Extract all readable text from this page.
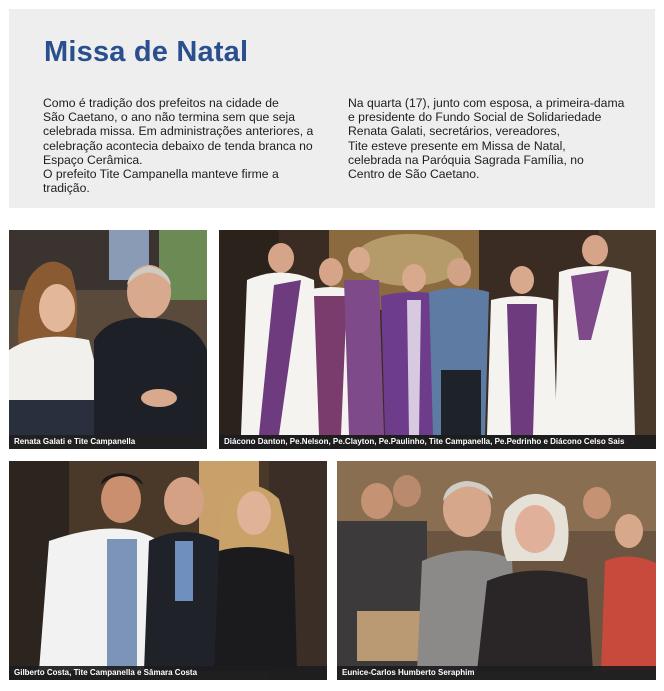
Missa de Natal

Como é tradição dos prefeitos na cidade de

São Caetano, o ano não termina sem que seja

celebrada missa. Em administrações anteriores, a

celebração acontecia debaixo de tenda branca no

Espaço Cerâmica.

O prefeito Tite Campanella manteve firme a tradição.

Na quarta (17), junto com esposa, a primeira-dama

e presidente do Fundo Social de Solidariedade

Renata Galati, secretários, vereadores,

Tite esteve presente em Missa de Natal,

celebrada na Paróquia Sagrada Família, no

Centro de São Caetano.

Renata Galati e Tite Campanella	Diácono Danton, Pe.Nelson, Pe.Clayton, Pe.Paulinho, Tite Campanella, Pe.Pedrinho e Diácono Celso Sais
Gilberto Costa, Tite Campanella e Sâmara Costa	Eunice-Carlos Humberto Seraphim
